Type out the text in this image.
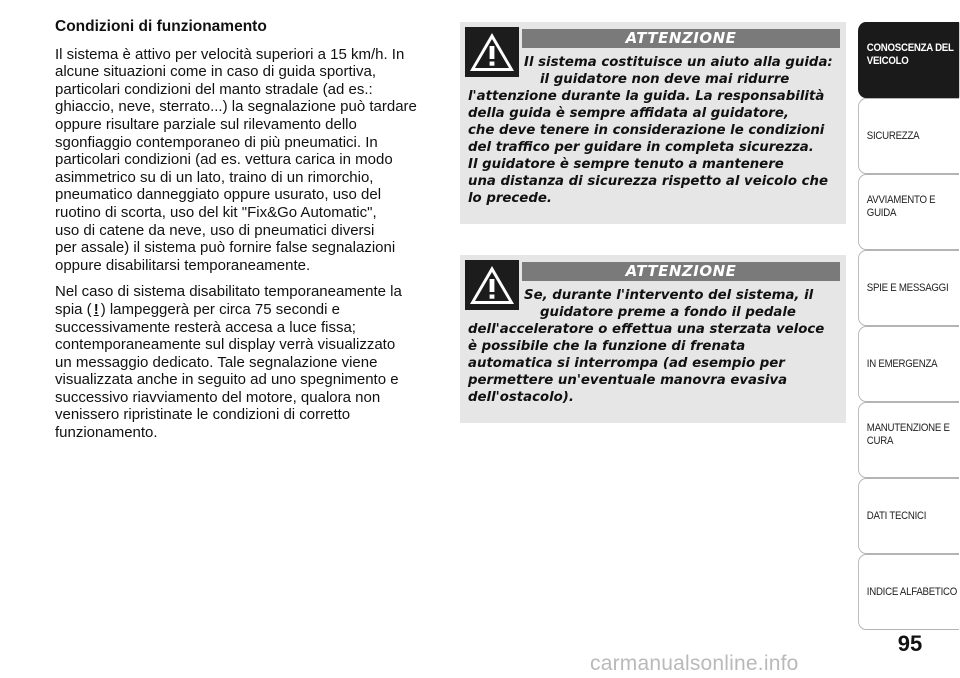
Condizioni di funzionamento

Il sistema è attivo per velocità superiori a 15 km/h. In
alcune situazioni come in caso di guida sportiva,
particolari condizioni del manto stradale (ad es.:
ghiaccio, neve, sterrato...) la segnalazione può tardare
oppure risultare parziale sul rilevamento dello
sgonfiaggio contemporaneo di più pneumatici. In
particolari condizioni (ad es. vettura carica in modo
asimmetrico su di un lato, traino di un rimorchio,
pneumatico danneggiato oppure usurato, uso del
ruotino di scorta, uso del kit "Fix&Go Automatic",
uso di catene da neve, uso di pneumatici diversi
per assale) il sistema può fornire false segnalazioni
oppure disabilitarsi temporaneamente.

Nel caso di sistema disabilitato temporaneamente la
spia ( ! ) lampeggerà per circa 75 secondi e
successivamente resterà accesa a luce fissa;
contemporaneamente sul display verrà visualizzato
un messaggio dedicato. Tale segnalazione viene
visualizzata anche in seguito ad uno spegnimento e
successivo riavviamento del motore, qualora non
venissero ripristinate le condizioni di corretto
funzionamento.

ATTENZIONE
Il sistema costituisce un aiuto alla guida:
il guidatore non deve mai ridurre
l'attenzione durante la guida. La responsabilità
della guida è sempre affidata al guidatore,
che deve tenere in considerazione le condizioni
del traffico per guidare in completa sicurezza.
Il guidatore è sempre tenuto a mantenere
una distanza di sicurezza rispetto al veicolo che
lo precede.
ATTENZIONE
Se, durante l'intervento del sistema, il
guidatore preme a fondo il pedale
dell'acceleratore o effettua una sterzata veloce
è possibile che la funzione di frenata
automatica si interrompa (ad esempio per
permettere un'eventuale manovra evasiva
dell'ostacolo).
CONOSCENZA DEL
VEICOLO
SICUREZZA
AVVIAMENTO E
GUIDA
SPIE E MESSAGGI
IN EMERGENZA
MANUTENZIONE E
CURA
DATI TECNICI
INDICE ALFABETICO
95
carmanualsonline.info
